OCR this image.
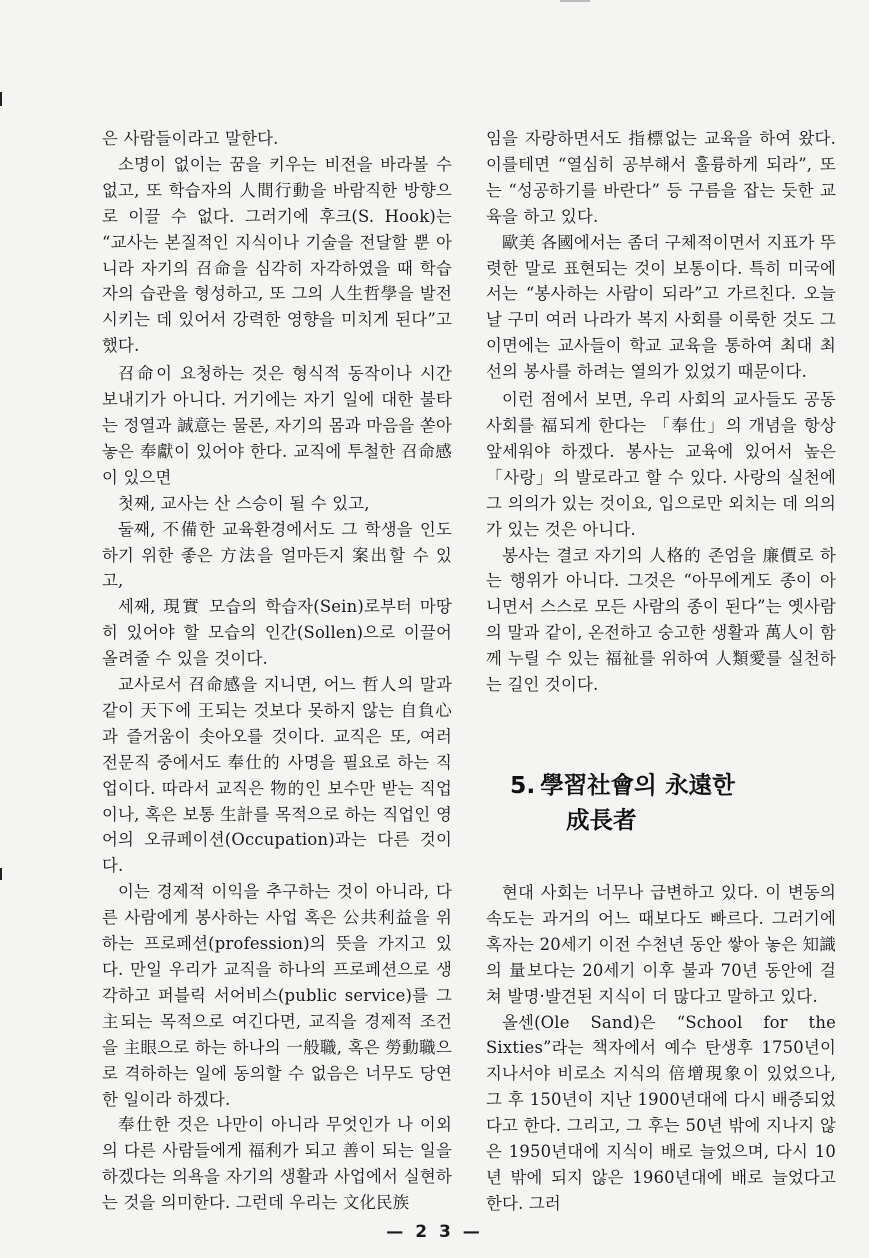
은 사람들이라고 말한다.

소명이 없이는 꿈을 키우는 비전을 바라볼 수 없고, 또 학습자의 人間行動을 바람직한 방향으로 이끌 수 없다. 그러기에 후크(S. Hook)는 “교사는 본질적인 지식이나 기술을 전달할 뿐 아니라 자기의 召命을 심각히 자각하였을 때 학습자의 습관을 형성하고, 또 그의 人生哲學을 발전시키는 데 있어서 강력한 영향을 미치게 된다”고 했다.

召命이 요청하는 것은 형식적 동작이나 시간 보내기가 아니다. 거기에는 자기 일에 대한 불타는 정열과 誠意는 물론, 자기의 몸과 마음을 쏟아 놓은 奉獻이 있어야 한다. 교직에 투철한 召命感이 있으면

첫째, 교사는 산 스승이 될 수 있고,

둘째, 不備한 교육환경에서도 그 학생을 인도하기 위한 좋은 方法을 얼마든지 案出할 수 있고,

세째, 現實 모습의 학습자(Sein)로부터 마땅히 있어야 할 모습의 인간(Sollen)으로 이끌어 올려줄 수 있을 것이다.

교사로서 召命感을 지니면, 어느 哲人의 말과 같이 天下에 王되는 것보다 못하지 않는 自負心과 즐거움이 솟아오를 것이다. 교직은 또, 여러 전문직 중에서도 奉仕的 사명을 필요로 하는 직업이다. 따라서 교직은 物的인 보수만 받는 직업이나, 혹은 보통 生計를 목적으로 하는 직업인 영어의 오큐페이션(Occupation)과는 다른 것이다.

이는 경제적 이익을 추구하는 것이 아니라, 다른 사람에게 봉사하는 사업 혹은 公共利益을 위하는 프로페션(profession)의 뜻을 가지고 있다. 만일 우리가 교직을 하나의 프로페션으로 생각하고 퍼블릭 서어비스(public service)를 그 主되는 목적으로 여긴다면, 교직을 경제적 조건을 主眼으로 하는 하나의 一般職, 혹은 勞動職으로 격하하는 일에 동의할 수 없음은 너무도 당연한 일이라 하겠다.

奉仕한 것은 나만이 아니라 무엇인가 나 이외의 다른 사람들에게 福利가 되고 善이 되는 일을 하겠다는 의욕을 자기의 생활과 사업에서 실현하는 것을 의미한다. 그런데 우리는 文化民族

임을 자랑하면서도 指標없는 교육을 하여 왔다. 이를테면 “열심히 공부해서 훌륭하게 되라”, 또는 “성공하기를 바란다” 등 구름을 잡는 듯한 교육을 하고 있다.

歐美 各國에서는 좀더 구체적이면서 지표가 뚜렷한 말로 표현되는 것이 보통이다. 특히 미국에서는 “봉사하는 사람이 되라”고 가르친다. 오늘날 구미 여러 나라가 복지 사회를 이룩한 것도 그 이면에는 교사들이 학교 교육을 통하여 최대 최선의 봉사를 하려는 열의가 있었기 때문이다.

이런 점에서 보면, 우리 사회의 교사들도 공동 사회를 福되게 한다는 「奉仕」의 개념을 항상 앞세워야 하겠다. 봉사는 교육에 있어서 높은 「사랑」의 발로라고 할 수 있다. 사랑의 실천에 그 의의가 있는 것이요, 입으로만 외치는 데 의의가 있는 것은 아니다.

봉사는 결코 자기의 人格的 존엄을 廉價로 하는 행위가 아니다. 그것은 “아무에게도 종이 아니면서 스스로 모든 사람의 종이 된다”는 옛사람의 말과 같이, 온전하고 숭고한 생활과 萬人이 함께 누릴 수 있는 福祉를 위하여 人類愛를 실천하는 길인 것이다.

5. 學習社會의 永遠한
成長者

현대 사회는 너무나 급변하고 있다. 이 변동의 속도는 과거의 어느 때보다도 빠르다. 그러기에 혹자는 20세기 이전 수천년 동안 쌓아 놓은 知識의 量보다는 20세기 이후 불과 70년 동안에 걸쳐 발명·발견된 지식이 더 많다고 말하고 있다.

올센(Ole Sand)은 “School for the Sixties”라는 책자에서 예수 탄생후 1750년이 지나서야 비로소 지식의 倍增現象이 있었으나, 그 후 150년이 지난 1900년대에 다시 배증되었다고 한다. 그리고, 그 후는 50년 밖에 지나지 않은 1950년대에 지식이 배로 늘었으며, 다시 10년 밖에 되지 않은 1960년대에 배로 늘었다고 한다. 그러

— 2 3 —
